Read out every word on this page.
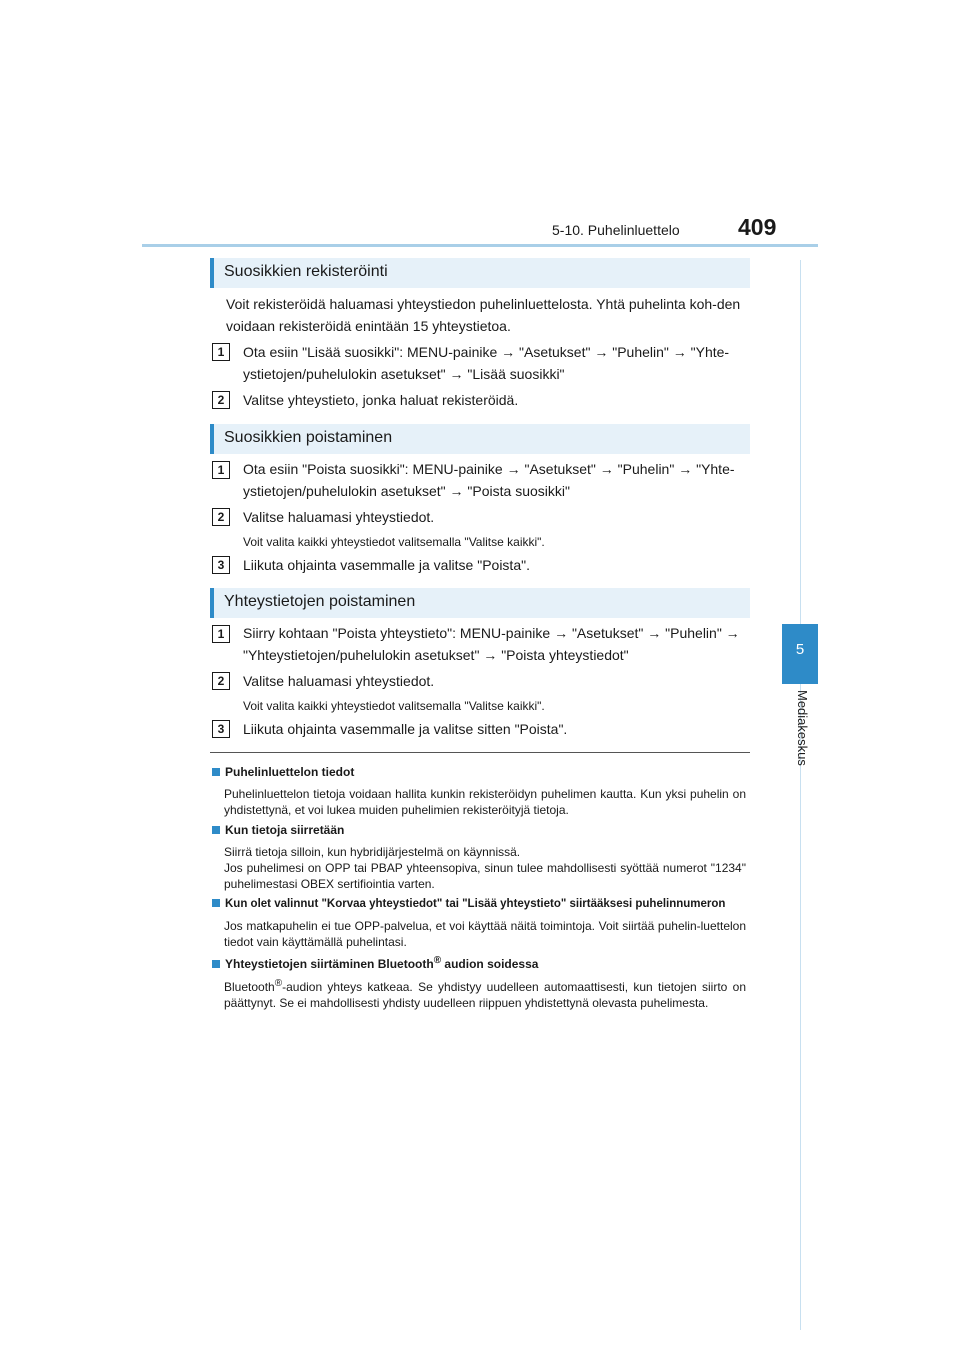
5-10. Puhelinluettelo	409
5
Mediakeskus
Suosikkien rekisteröinti
Voit rekisteröidä haluamasi yhteystiedon puhelinluettelosta. Yhtä puhelinta koh-den voidaan rekisteröidä enintään 15 yhteystietoa.
1	Ota esiin "Lisää suosikki": MENU-painike → "Asetukset" → "Puhelin" → "Yhte-
ystietojen/puhelulokin asetukset" → "Lisää suosikki"
2	Valitse yhteystieto, jonka haluat rekisteröidä.
Suosikkien poistaminen
1	Ota esiin "Poista suosikki": MENU-painike → "Asetukset" → "Puhelin" → "Yhte-
ystietojen/puhelulokin asetukset" → "Poista suosikki"
2	Valitse haluamasi yhteystiedot.
Voit valita kaikki yhteystiedot valitsemalla "Valitse kaikki".
3	Liikuta ohjainta vasemmalle ja valitse "Poista".
Yhteystietojen poistaminen
1	Siirry kohtaan "Poista yhteystieto": MENU-painike → "Asetukset" → "Puhelin" →
"Yhteystietojen/puhelulokin asetukset" → "Poista yhteystiedot"
2	Valitse haluamasi yhteystiedot.
Voit valita kaikki yhteystiedot valitsemalla "Valitse kaikki".
3	Liikuta ohjainta vasemmalle ja valitse sitten "Poista".
Puhelinluettelon tiedot
Puhelinluettelon tietoja voidaan hallita kunkin rekisteröidyn puhelimen kautta. Kun yksi puhelin on yhdistettynä, et voi lukea muiden puhelimien rekisteröityjä tietoja.
Kun tietoja siirretään
Siirrä tietoja silloin, kun hybridijärjestelmä on käynnissä.
Jos puhelimesi on OPP tai PBAP yhteensopiva, sinun tulee mahdollisesti syöttää numerot "1234" puhelimestasi OBEX sertifiointia varten.
Kun olet valinnut "Korvaa yhteystiedot" tai "Lisää yhteystieto" siirtääksesi puhelinnumeron
Jos matkapuhelin ei tue OPP-palvelua, et voi käyttää näitä toimintoja. Voit siirtää puhelin-luettelon tiedot vain käyttämällä puhelintasi.
Yhteystietojen siirtäminen Bluetooth® audion soidessa
Bluetooth®-audion yhteys katkeaa. Se yhdistyy uudelleen automaattisesti, kun tietojen siirto on päättynyt. Se ei mahdollisesti yhdisty uudelleen riippuen yhdistettynä olevasta puhelimesta.
